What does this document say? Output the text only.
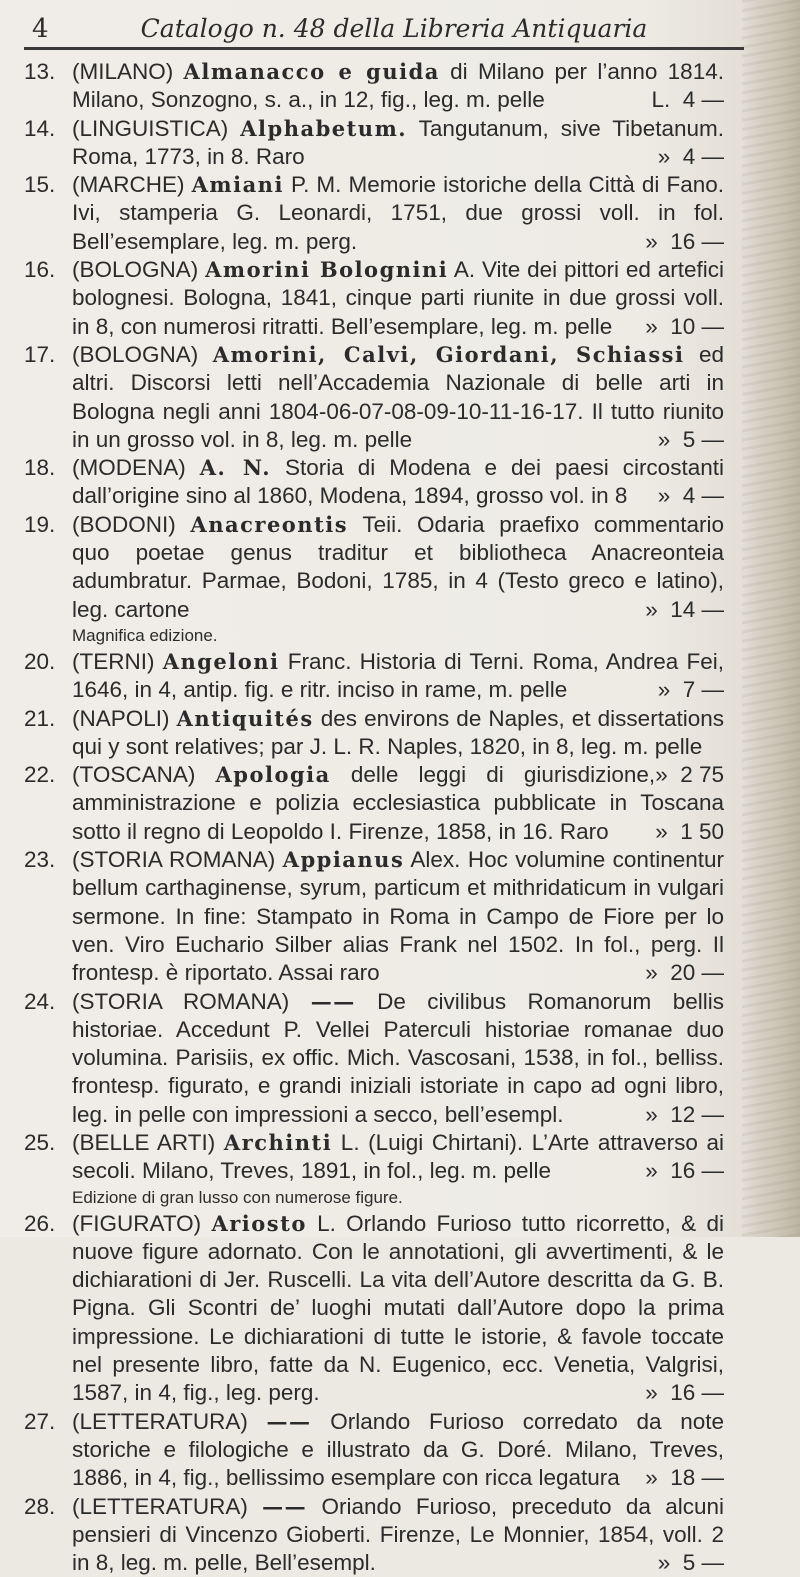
4	Catalogo n. 48 della Libreria Antiquaria
13. (MILANO) Almanacco e guida di Milano per l’anno 1814. Milano, Sonzogno, s. a., in 12, fig., leg. m. pelle	L.  4 —
14. (LINGUISTICA) Alphabetum. Tangutanum, sive Tibetanum. Roma, 1773, in 8. Raro	»  4 —
15. (MARCHE) Amiani P. M. Memorie istoriche della Città di Fano. Ivi, stamperia G. Leonardi, 1751, due grossi voll. in fol. Bell’esemplare, leg. m. perg.	»  16 —
16. (BOLOGNA) Amorini Bolognini A. Vite dei pittori ed artefici bolognesi. Bologna, 1841, cinque parti riunite in due grossi voll. in 8, con numerosi ritratti. Bell’esemplare, leg. m. pelle »  10 —
17. (BOLOGNA) Amorini, Calvi, Giordani, Schiassi ed altri. Discorsi letti nell’Accademia Nazionale di belle arti in Bologna negli anni 1804-06-07-08-09-10-11-16-17. Il tutto riunito in un grosso vol. in 8, leg. m. pelle	»  5 —
18. (MODENA) A. N. Storia di Modena e dei paesi circostanti dall’origine sino al 1860, Modena, 1894, grosso vol. in 8 »  4 —
19. (BODONI) Anacreontis Teii. Odaria praefixo commentario quo poetae genus traditur et bibliotheca Anacreonteia adumbratur. Parmae, Bodoni, 1785, in 4 (Testo greco e latino), leg. cartone	»  14 —
Magnifica edizione.
20. (TERNI) Angeloni Franc. Historia di Terni. Roma, Andrea Fei, 1646, in 4, antip. fig. e ritr. inciso in rame, m. pelle	»  7 —
21. (NAPOLI) Antiquités des environs de Naples, et dissertations qui y sont relatives; par J. L. R. Naples, 1820, in 8, leg. m. pelle
»  2 75
22. (TOSCANA) Apologia delle leggi di giurisdizione, amministrazione e polizia ecclesiastica pubblicate in Toscana sotto il regno di Leopoldo I. Firenze, 1858, in 16. Raro »  1 50
23. (STORIA ROMANA) Appianus Alex. Hoc volumine continentur bellum carthaginense, syrum, particum et mithridaticum in vulgari sermone. In fine: Stampato in Roma in Campo de Fiore per lo ven. Viro Euchario Silber alias Frank nel 1502. In fol., perg. Il frontesp. è riportato. Assai raro	»  20 —
24. (STORIA ROMANA) —— De civilibus Romanorum bellis historiae. Accedunt P. Vellei Paterculi historiae romanae duo volumina. Parisiis, ex offic. Mich. Vascosani, 1538, in fol., belliss. frontesp. figurato, e grandi iniziali istoriate in capo ad ogni libro, leg. in pelle con impressioni a secco, bell’esempl.	»  12 —
25. (BELLE ARTI) Archinti L. (Luigi Chirtani). L’Arte attraverso ai secoli. Milano, Treves, 1891, in fol., leg. m. pelle	»  16 —
Edizione di gran lusso con numerose figure.
26. (FIGURATO) Ariosto L. Orlando Furioso tutto ricorretto, & di nuove figure adornato. Con le annotationi, gli avvertimenti, & le dichiarationi di Jer. Ruscelli. La vita dell’Autore descritta da G. B. Pigna. Gli Scontri de’ luoghi mutati dall’Autore dopo la prima impressione. Le dichiarationi di tutte le istorie, & favole toccate nel presente libro, fatte da N. Eugenico, ecc. Venetia, Valgrisi, 1587, in 4, fig., leg. perg.	»  16 —
27. (LETTERATURA) —— Orlando Furioso corredato da note storiche e filologiche e illustrato da G. Doré. Milano, Treves, 1886, in 4, fig., bellissimo esemplare con ricca legatura »  18 —
28. (LETTERATURA) —— Oriando Furioso, preceduto da alcuni pensieri di Vincenzo Gioberti. Firenze, Le Monnier, 1854, voll. 2 in 8, leg. m. pelle, Bell’esempl.	»  5 —
